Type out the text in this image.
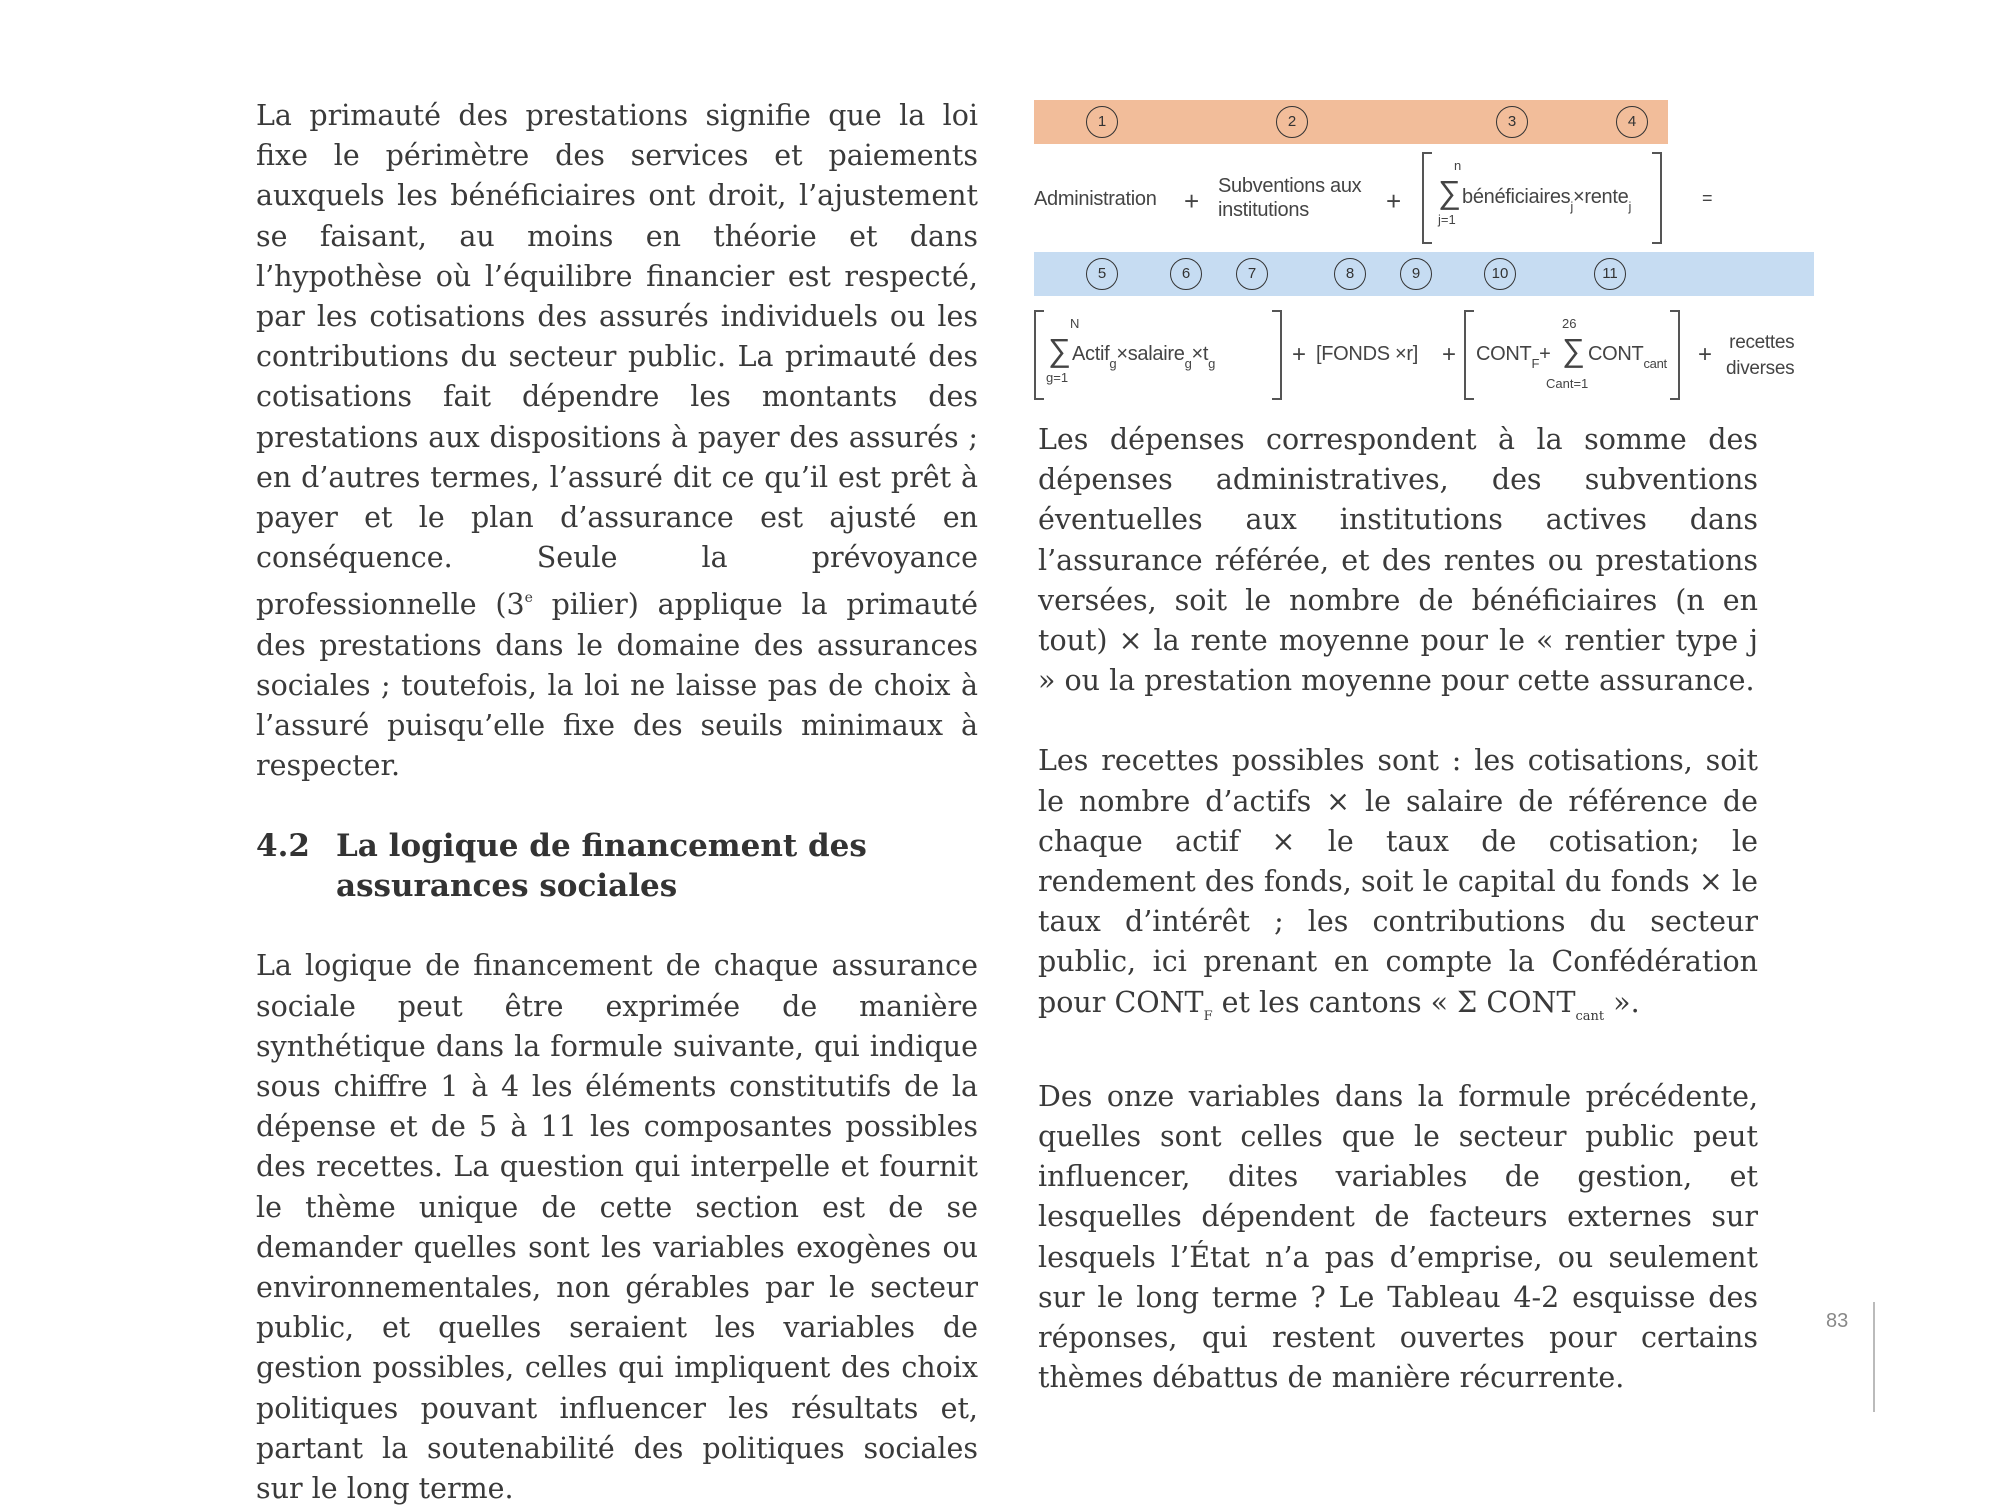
La primauté des prestations signifie que la loi fixe le périmètre des services et paiements auxquels les bénéficiaires ont droit, l’ajustement se faisant, au moins en théorie et dans l’hypothèse où l’équilibre financier est respecté, par les cotisations des assurés individuels ou les contributions du secteur public. La primauté des cotisations fait dépendre les montants des prestations aux dispositions à payer des assurés ; en d’autres termes, l’assuré dit ce qu’il est prêt à payer et le plan d’assurance est ajusté en conséquence. Seule la prévoyance professionnelle (3e pilier) applique la primauté des prestations dans le domaine des assurances sociales ; toutefois, la loi ne laisse pas de choix à l’assuré puisqu’elle fixe des seuils minimaux à respecter.

4.2 La logique de financement des assurances sociales

La logique de financement de chaque assurance sociale peut être exprimée de manière synthétique dans la formule suivante, qui indique sous chiffre 1 à 4 les éléments constitutifs de la dépense et de 5 à 11 les composantes possibles des recettes. La question qui interpelle et fournit le thème unique de cette section est de se demander quelles sont les variables exogènes ou environnementales, non gérables par le secteur public, et quelles seraient les variables de gestion possibles, celles qui impliquent des choix politiques pouvant influencer les résultats et, partant la soutenabilité des politiques sociales sur le long terme.

1	2	3	4
Administration + Subventions aux
institutions	+
n
∑
j=1
bénéficiaires$_j$×rente$_j$	=
5	6	7	8	9	10	11
N
∑
g=1
$Actif_g\times salaire_g\times t_g$	+ [FONDS $\times r] + CONT_F+$
26
∑
Cant=1
$CONT_{cant}$ + recettes
diverses

Les dépenses correspondent à la somme des dépenses administratives, des subventions éventuelles aux institutions actives dans l’assurance référée, et des rentes ou prestations versées, soit le nombre de bénéficiaires (n en tout) × la rente moyenne pour le « rentier type j » ou la prestation moyenne pour cette assurance.

Les recettes possibles sont : les cotisations, soit le nombre d’actifs × le salaire de référence de chaque actif × le taux de cotisation; le rendement des fonds, soit le capital du fonds × le taux d’intérêt ; les contributions du secteur public, ici prenant en compte la Confédération pour $CONT_F$ et les cantons « Σ $CONT_{cant}$ ».

Des onze variables dans la formule précédente, quelles sont celles que le secteur public peut influencer, dites variables de gestion, et lesquelles dépendent de facteurs externes sur lesquels l’État n’a pas d’emprise, ou seulement sur le long terme ? Le Tableau 4-2 esquisse des réponses, qui restent ouvertes pour certains thèmes débattus de manière récurrente.

83
